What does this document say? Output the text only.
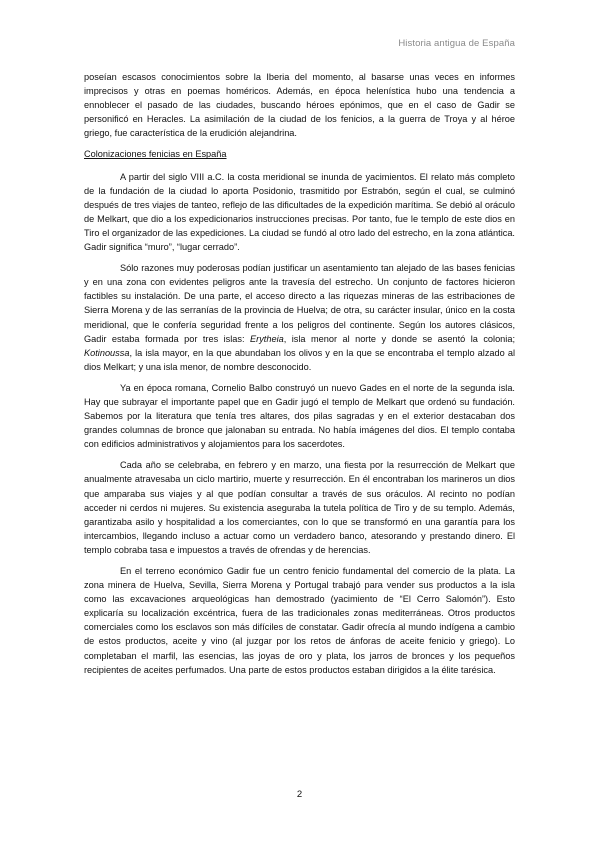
Historia antigua de España

poseían escasos conocimientos sobre la Iberia del momento, al basarse unas veces en informes imprecisos y otras en poemas homéricos. Además, en época helenística hubo una tendencia a ennoblecer el pasado de las ciudades, buscando héroes epónimos, que en el caso de Gadir se personificó en Heracles. La asimilación de la ciudad de los fenicios, a la guerra de Troya y al héroe griego, fue característica de la erudición alejandrina.

Colonizaciones fenicias en España

A partir del siglo VIII a.C. la costa meridional se inunda de yacimientos. El relato más completo de la fundación de la ciudad lo aporta Posidonio, trasmitido por Estrabón, según el cual, se culminó después de tres viajes de tanteo, reflejo de las dificultades de la expedición marítima. Se debió al oráculo de Melkart, que dio a los expedicionarios instrucciones precisas. Por tanto, fue le templo de este dios en Tiro el organizador de las expediciones. La ciudad se fundó al otro lado del estrecho, en la zona atlántica. Gadir significa “muro”, “lugar cerrado”.

Sólo razones muy poderosas podían justificar un asentamiento tan alejado de las bases fenicias y en una zona con evidentes peligros ante la travesía del estrecho. Un conjunto de factores hicieron factibles su instalación. De una parte, el acceso directo a las riquezas mineras de las estribaciones de Sierra Morena y de las serranías de la provincia de Huelva; de otra, su carácter insular, único en la costa meridional, que le confería seguridad frente a los peligros del continente. Según los autores clásicos, Gadir estaba formada por tres islas: Erytheia, isla menor al norte y donde se asentó la colonia; Kotinoussa, la isla mayor, en la que abundaban los olivos y en la que se encontraba el templo alzado al dios Melkart; y una isla menor, de nombre desconocido.

Ya en época romana, Cornelio Balbo construyó un nuevo Gades en el norte de la segunda isla. Hay que subrayar el importante papel que en Gadir jugó el templo de Melkart que ordenó su fundación. Sabemos por la literatura que tenía tres altares, dos pilas sagradas y en el exterior destacaban dos grandes columnas de bronce que jalonaban su entrada. No había imágenes del dios. El templo contaba con edificios administrativos y alojamientos para los sacerdotes.

Cada año se celebraba, en febrero y en marzo, una fiesta por la resurrección de Melkart que anualmente atravesaba un ciclo martirio, muerte y resurrección. En él encontraban los marineros un dios que amparaba sus viajes y al que podían consultar a través de sus oráculos. Al recinto no podían acceder ni cerdos ni mujeres. Su existencia aseguraba la tutela política de Tiro y de su templo. Además, garantizaba asilo y hospitalidad a los comerciantes, con lo que se transformó en una garantía para los intercambios, llegando incluso a actuar como un verdadero banco, atesorando y prestando dinero. El templo cobraba tasa e impuestos a través de ofrendas y de herencias.

En el terreno económico Gadir fue un centro fenicio fundamental del comercio de la plata. La zona minera de Huelva, Sevilla, Sierra Morena y Portugal trabajó para vender sus productos a la isla como las excavaciones arqueológicas han demostrado (yacimiento de “El Cerro Salomón”). Esto explicaría su localización excéntrica, fuera de las tradicionales zonas mediterráneas. Otros productos comerciales como los esclavos son más difíciles de constatar. Gadir ofrecía al mundo indígena a cambio de estos productos, aceite y vino (al juzgar por los retos de ánforas de aceite fenicio y griego). Lo completaban el marfil, las esencias, las joyas de oro y plata, los jarros de bronces y los pequeños recipientes de aceites perfumados. Una parte de estos productos estaban dirigidos a la élite tarésica.

2
